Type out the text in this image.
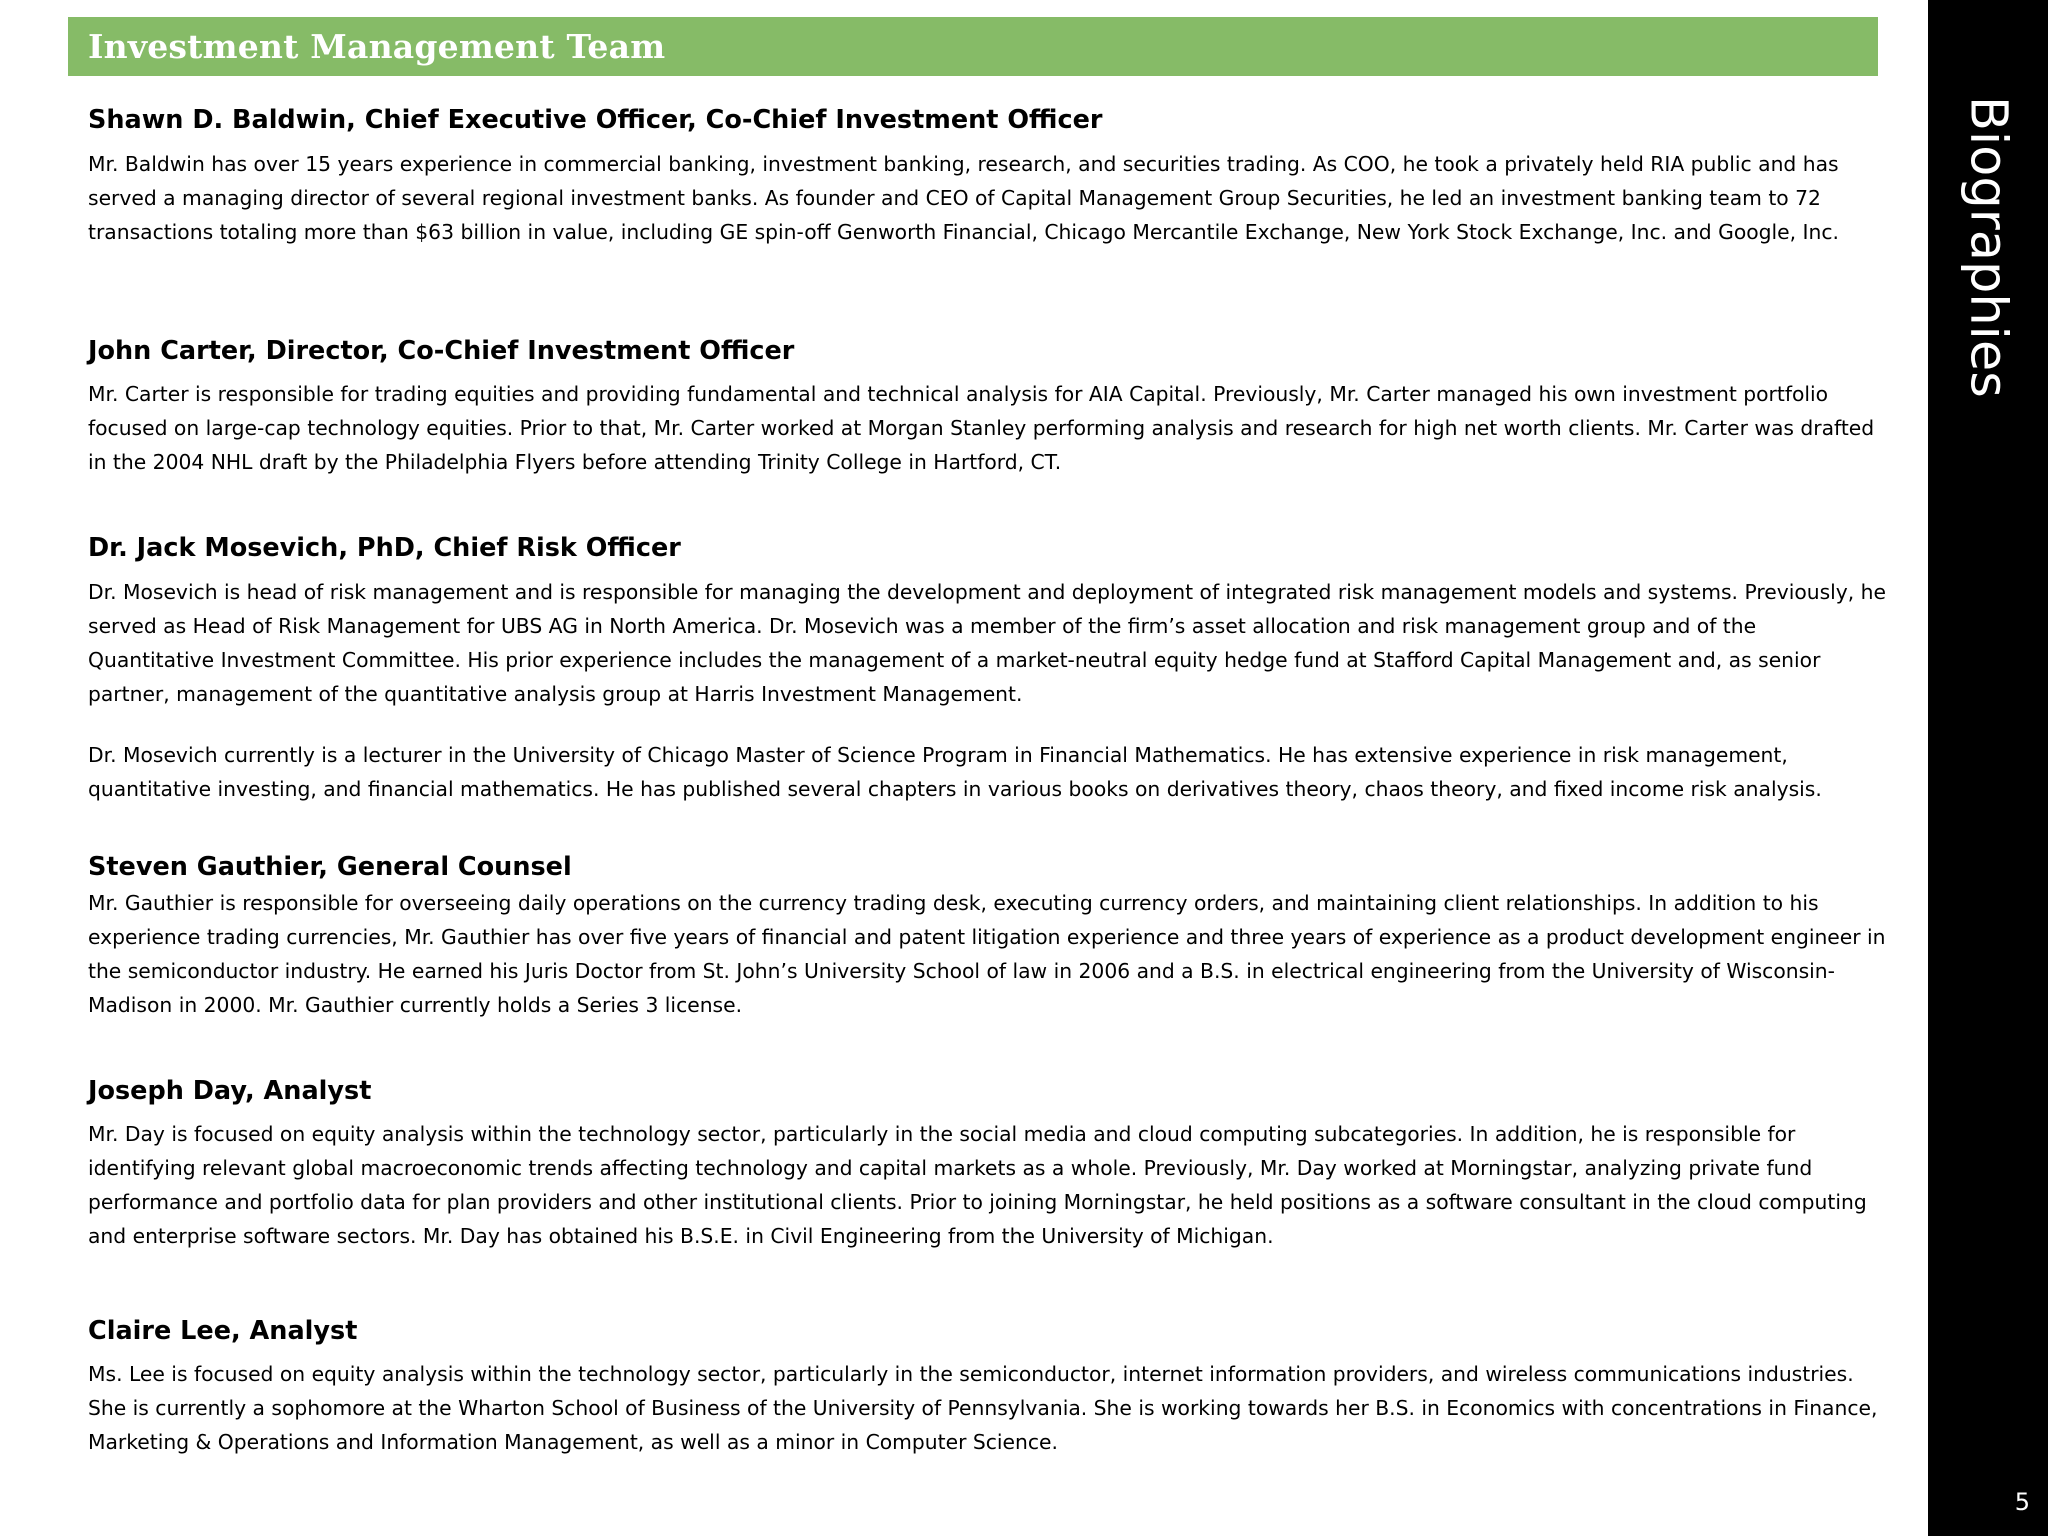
Investment Management Team
Biographies
5
Shawn D. Baldwin, Chief Executive Officer, Co-Chief Investment Officer

Mr. Baldwin has over 15 years experience in commercial banking, investment banking, research, and securities trading. As COO, he took a privately held RIA public and has served a managing director of several regional investment banks. As founder and CEO of Capital Management Group Securities, he led an investment banking team to 72 transactions totaling more than $63 billion in value, including GE spin-off Genworth Financial, Chicago Mercantile Exchange, New York Stock Exchange, Inc. and Google, Inc.

John Carter, Director, Co-Chief Investment Officer

Mr. Carter is responsible for trading equities and providing fundamental and technical analysis for AIA Capital. Previously, Mr. Carter managed his own investment portfolio focused on large-cap technology equities. Prior to that, Mr. Carter worked at Morgan Stanley performing analysis and research for high net worth clients. Mr. Carter was drafted in the 2004 NHL draft by the Philadelphia Flyers before attending Trinity College in Hartford, CT.

Dr. Jack Mosevich, PhD, Chief Risk Officer

Dr. Mosevich is head of risk management and is responsible for managing the development and deployment of integrated risk management models and systems. Previously, he served as Head of Risk Management for UBS AG in North America. Dr. Mosevich was a member of the firm’s asset allocation and risk management group and of the Quantitative Investment Committee. His prior experience includes the management of a market-neutral equity hedge fund at Stafford Capital Management and, as senior partner, management of the quantitative analysis group at Harris Investment Management.

Dr. Mosevich currently is a lecturer in the University of Chicago Master of Science Program in Financial Mathematics. He has extensive experience in risk management, quantitative investing, and financial mathematics. He has published several chapters in various books on derivatives theory, chaos theory, and fixed income risk analysis.

Steven Gauthier, General Counsel

Mr. Gauthier is responsible for overseeing daily operations on the currency trading desk, executing currency orders, and maintaining client relationships. In addition to his experience trading currencies, Mr. Gauthier has over five years of financial and patent litigation experience and three years of experience as a product development engineer in the semiconductor industry. He earned his Juris Doctor from St. John’s University School of law in 2006 and a B.S. in electrical engineering from the University of Wisconsin-Madison in 2000. Mr. Gauthier currently holds a Series 3 license.

Joseph Day, Analyst

Mr. Day is focused on equity analysis within the technology sector, particularly in the social media and cloud computing subcategories. In addition, he is responsible for identifying relevant global macroeconomic trends affecting technology and capital markets as a whole. Previously, Mr. Day worked at Morningstar, analyzing private fund performance and portfolio data for plan providers and other institutional clients. Prior to joining Morningstar, he held positions as a software consultant in the cloud computing and enterprise software sectors. Mr. Day has obtained his B.S.E. in Civil Engineering from the University of Michigan.

Claire Lee, Analyst

Ms. Lee is focused on equity analysis within the technology sector, particularly in the semiconductor, internet information providers, and wireless communications industries. She is currently a sophomore at the Wharton School of Business of the University of Pennsylvania. She is working towards her B.S. in Economics with concentrations in Finance, Marketing & Operations and Information Management, as well as a minor in Computer Science.
